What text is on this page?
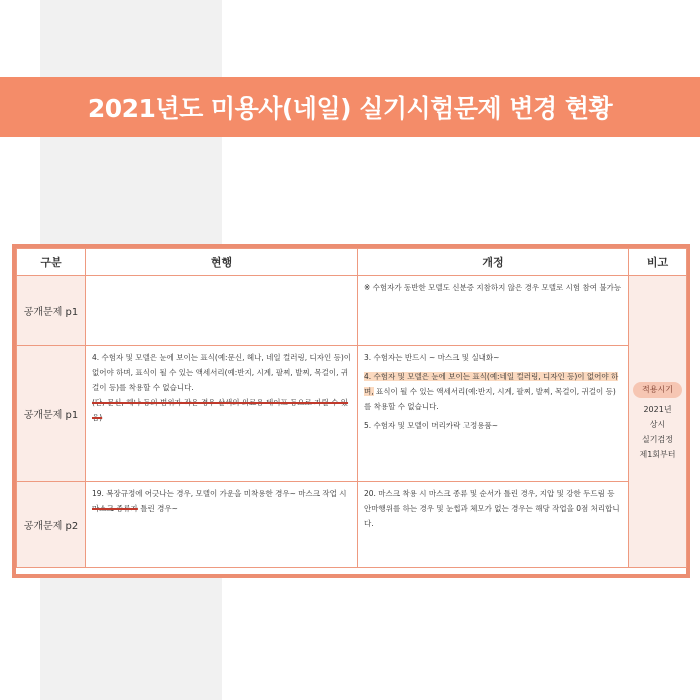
2021년도 미용사(네일) 실기시험문제 변경 현황
구분	현행	개정	비고
공개문제 p1		※ 수험자가 동반한 모델도 신분증 지참하지 않은 경우 모델로 시험 참여 불가능	적용시기
2021년
상시
실기검정
제1회부터

공개문제 p1	4. 수험자 및 모델은 눈에 보이는 표식(예:문신, 헤나, 네일 컬러링, 디자인 등)이 없어야 하며, 표식이 될 수 있는 액세서리(예:반지, 시계, 팔찌, 발찌, 목걸이, 귀걸이 등)를 착용할 수 없습니다.
(단, 문신, 헤나 등의 범위가 작은 경우 살색의 의료용 테이프 등으로 가릴 수 있음)	3. 수험자는 반드시 ~ 마스크 및 실내화~
4. 수험자 및 모델은 눈에 보이는 표식(예:네일 컬러링, 디자인 등)이 없어야 하며, 표식이 될 수 있는 액세서리(예:반지, 시계, 팔찌, 발찌, 목걸이, 귀걸이 등)를 착용할 수 없습니다.
5. 수험자 및 모델이 머리카락 고정용품~	

공개문제 p2	19. 복장규정에 어긋나는 경우, 모델이 가운을 미착용한 경우~ 마스크 작업 시 마스크 종류가 틀린 경우~	20. 마스크 착용 시 마스크 종류 및 순서가 틀린 경우, 지압 및 강한 두드림 등 안마행위를 하는 경우 및 눈썹과 체모가 없는 경우는 해당 작업을 0점 처리합니다.	
